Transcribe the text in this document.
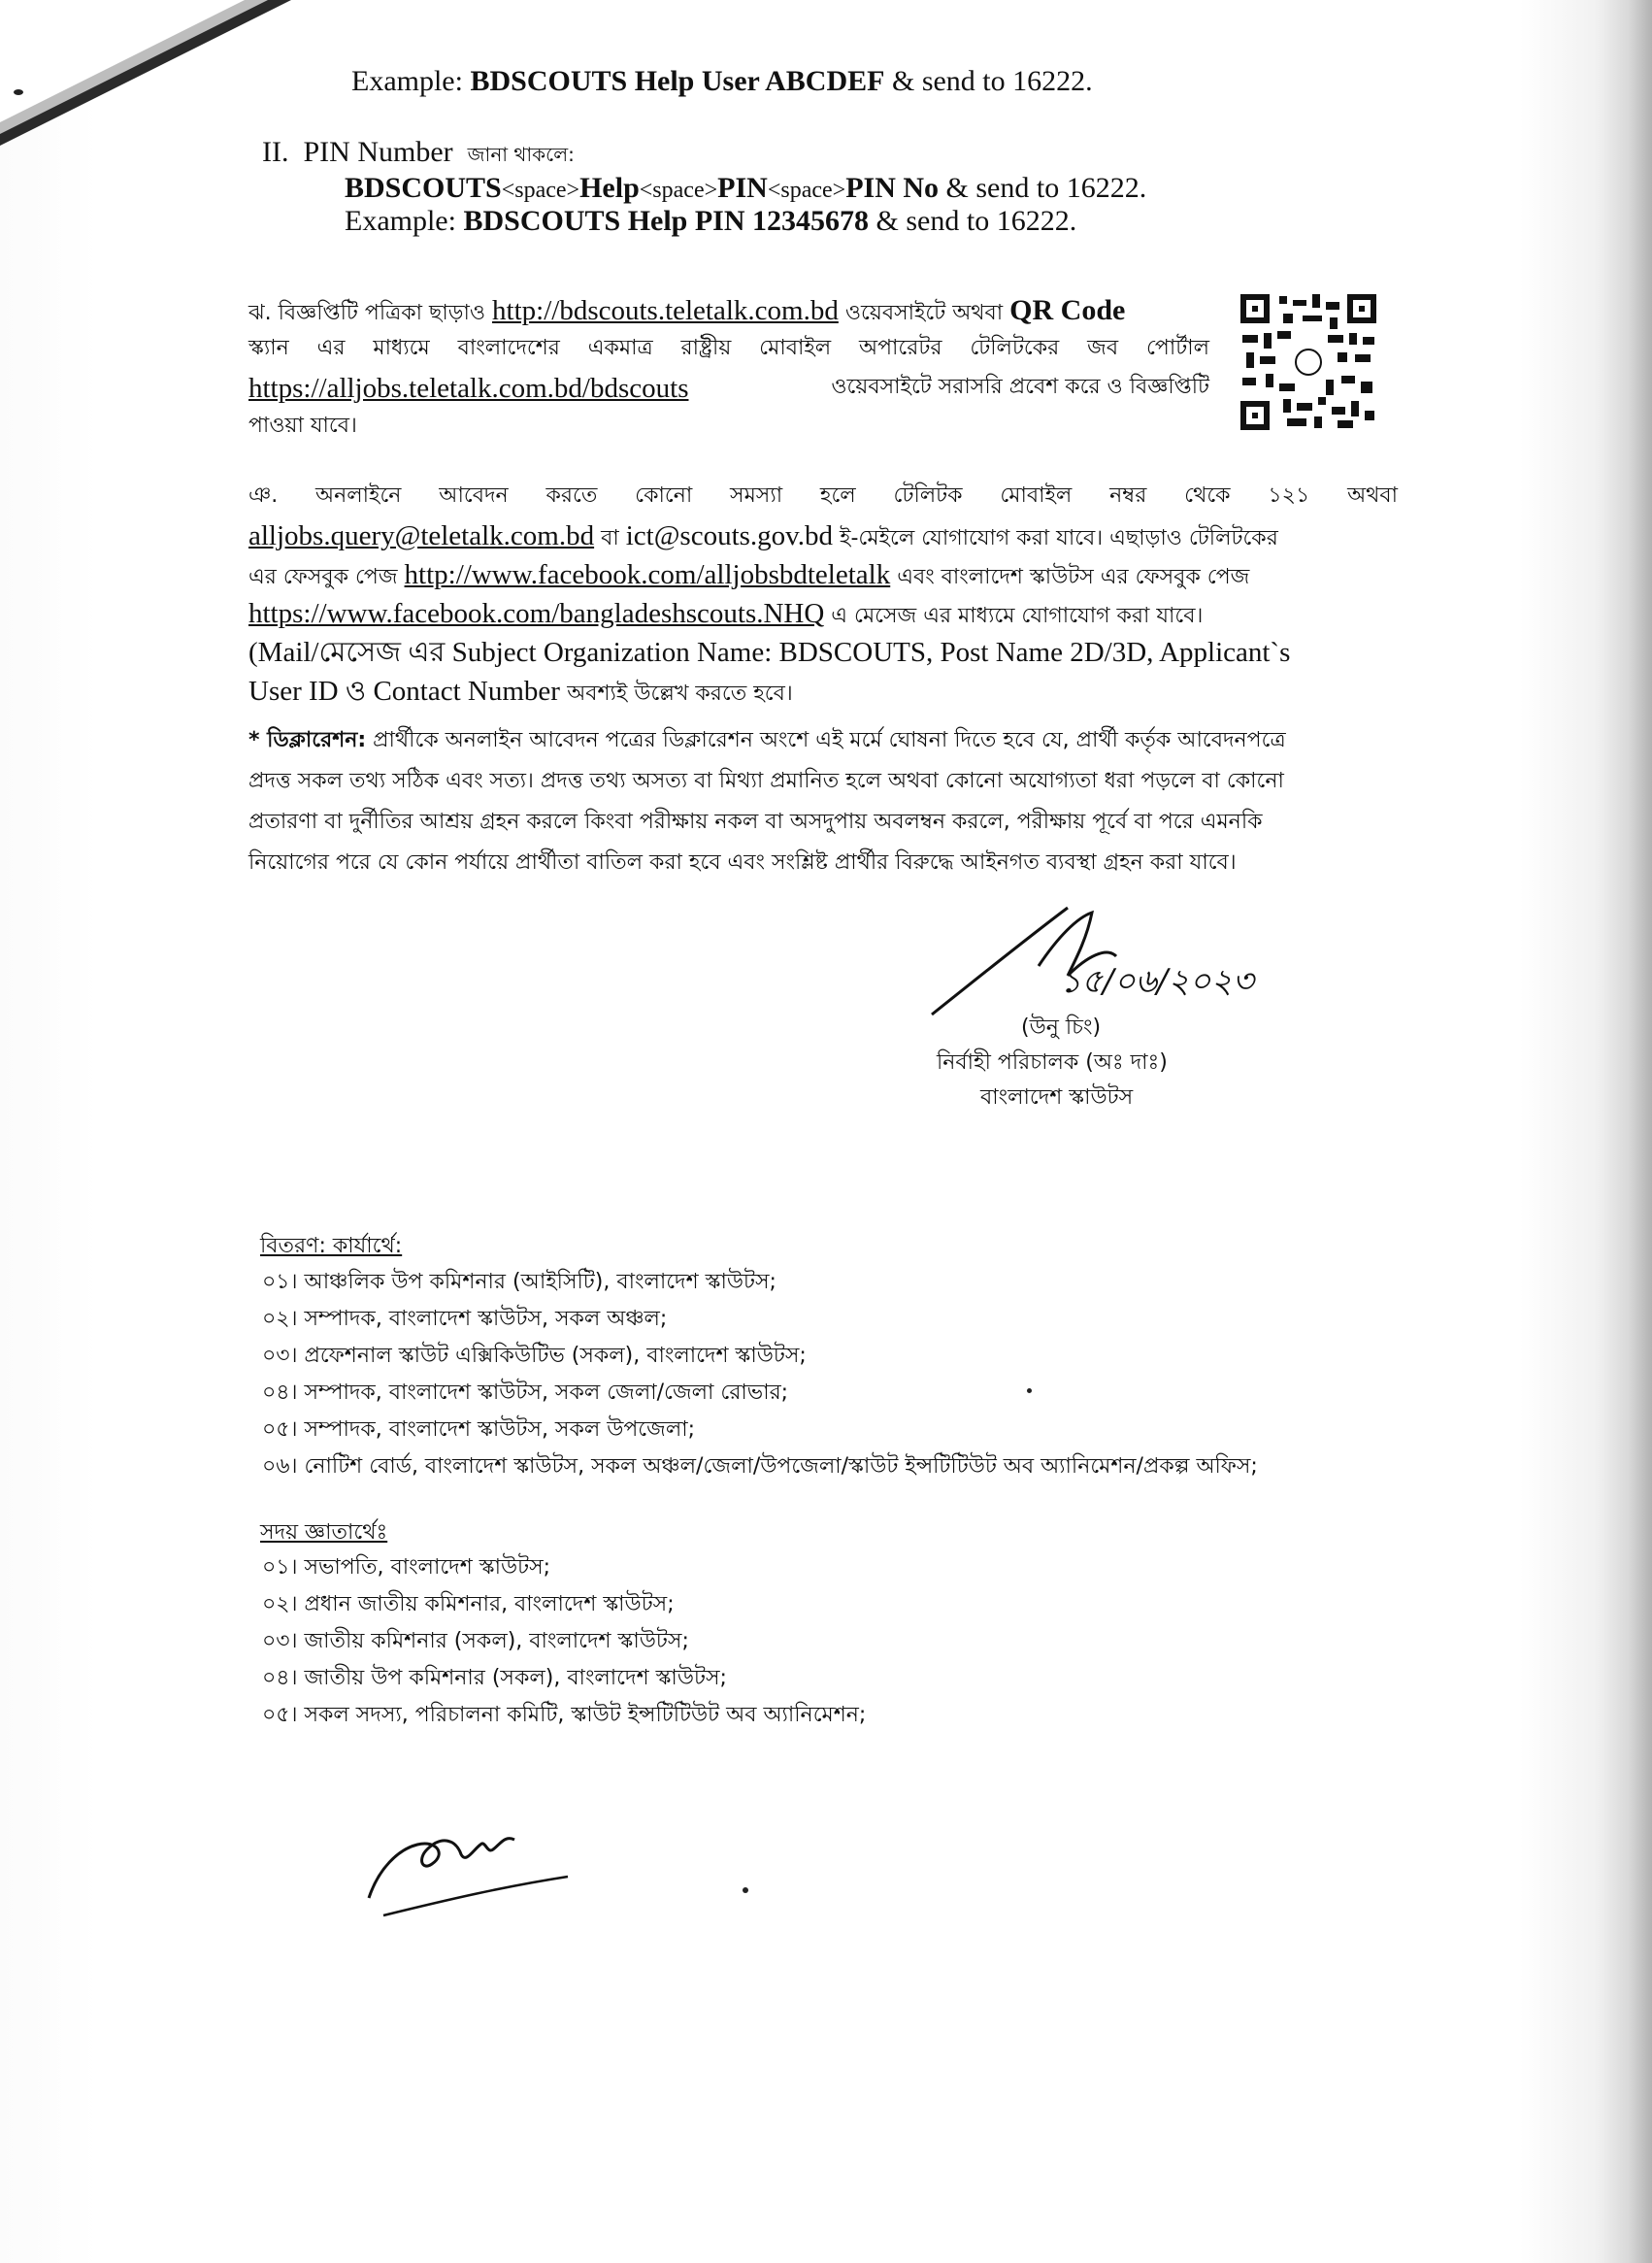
Example: BDSCOUTS Help User ABCDEF & send to 16222.
II. PIN Number জানা থাকলে:
BDSCOUTS<space>Help<space>PIN<space>PIN No & send to 16222.
Example: BDSCOUTS Help PIN 12345678 & send to 16222.
ঝ. বিজ্ঞপ্তিটি পত্রিকা ছাড়াও http://bdscouts.teletalk.com.bd ওয়েবসাইটে অথবা QR Code
স্ক্যান এর মাধ্যমে বাংলাদেশের একমাত্র রাষ্ট্রীয় মোবাইল অপারেটর টেলিটকের জব পোর্টাল
https://alljobs.teletalk.com.bd/bdscouts	ওয়েবসাইটে সরাসরি প্রবেশ করে ও বিজ্ঞপ্তিটি
পাওয়া যাবে।
ঞ. অনলাইনে আবেদন করতে কোনো সমস্যা হলে টেলিটক মোবাইল নম্বর থেকে ১২১ অথবা
alljobs.query@teletalk.com.bd বা ict@scouts.gov.bd ই-মেইলে যোগাযোগ করা যাবে। এছাড়াও টেলিটকের
এর ফেসবুক পেজ http://www.facebook.com/alljobsbdteletalk এবং বাংলাদেশ স্কাউটস এর ফেসবুক পেজ
https://www.facebook.com/bangladeshscouts.NHQ এ মেসেজ এর মাধ্যমে যোগাযোগ করা যাবে।
(Mail/মেসেজ এর Subject Organization Name: BDSCOUTS, Post Name 2D/3D, Applicant`s
User ID ও Contact Number অবশ্যই উল্লেখ করতে হবে।
* ডিক্লারেশন: প্রার্থীকে অনলাইন আবেদন পত্রের ডিক্লারেশন অংশে এই মর্মে ঘোষনা দিতে হবে যে, প্রার্থী কর্তৃক আবেদনপত্রে
প্রদত্ত সকল তথ্য সঠিক এবং সত্য। প্রদত্ত তথ্য অসত্য বা মিথ্যা প্রমানিত হলে অথবা কোনো অযোগ্যতা ধরা পড়লে বা কোনো
প্রতারণা বা দুর্নীতির আশ্রয় গ্রহন করলে কিংবা পরীক্ষায় নকল বা অসদুপায় অবলম্বন করলে, পরীক্ষায় পূর্বে বা পরে এমনকি
নিয়োগের পরে যে কোন পর্যায়ে প্রার্থীতা বাতিল করা হবে এবং সংশ্লিষ্ট প্রার্থীর বিরুদ্ধে আইনগত ব্যবস্থা গ্রহন করা যাবে।
১৫/০৬/২০২৩
(উনু চিং)
নির্বাহী পরিচালক (অঃ দাঃ)
বাংলাদেশ স্কাউটস
বিতরণ: কার্যার্থে:
০১। আঞ্চলিক উপ কমিশনার (আইসিটি), বাংলাদেশ স্কাউটস;
০২। সম্পাদক, বাংলাদেশ স্কাউটস, সকল অঞ্চল;
০৩। প্রফেশনাল স্কাউট এক্সিকিউটিভ (সকল), বাংলাদেশ স্কাউটস;
০৪। সম্পাদক, বাংলাদেশ স্কাউটস, সকল জেলা/জেলা রোভার;
০৫। সম্পাদক, বাংলাদেশ স্কাউটস, সকল উপজেলা;
০৬। নোটিশ বোর্ড, বাংলাদেশ স্কাউটস, সকল অঞ্চল/জেলা/উপজেলা/স্কাউট ইন্সটিটিউট অব অ্যানিমেশন/প্রকল্প অফিস;
সদয় জ্ঞাতার্থেঃ
০১। সভাপতি, বাংলাদেশ স্কাউটস;
০২। প্রধান জাতীয় কমিশনার, বাংলাদেশ স্কাউটস;
০৩। জাতীয় কমিশনার (সকল), বাংলাদেশ স্কাউটস;
০৪। জাতীয় উপ কমিশনার (সকল), বাংলাদেশ স্কাউটস;
০৫। সকল সদস্য, পরিচালনা কমিটি, স্কাউট ইন্সটিটিউট অব অ্যানিমেশন;
